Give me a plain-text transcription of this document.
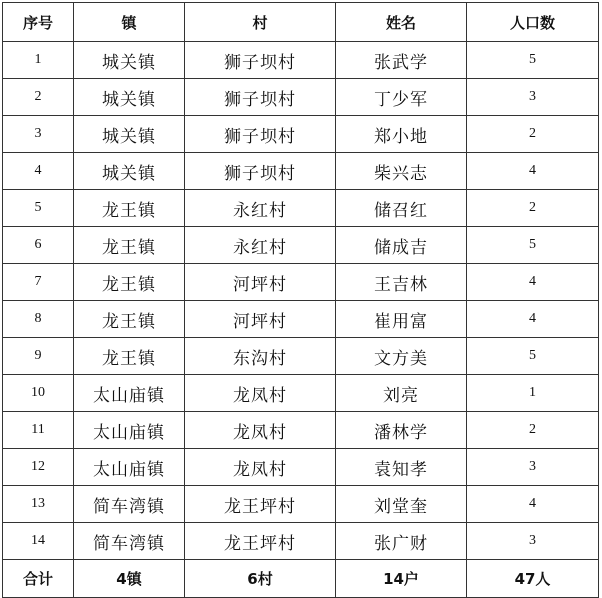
序号	镇	村	姓名	人口数
1	城关镇	狮子坝村	张武学	5
2	城关镇	狮子坝村	丁少军	3
3	城关镇	狮子坝村	郑小地	2
4	城关镇	狮子坝村	柴兴志	4
5	龙王镇	永红村	储召红	2
6	龙王镇	永红村	储成吉	5
7	龙王镇	河坪村	王吉林	4
8	龙王镇	河坪村	崔用富	4
9	龙王镇	东沟村	文方美	5
10	太山庙镇	龙凤村	刘亮	1
11	太山庙镇	龙凤村	潘林学	2
12	太山庙镇	龙凤村	袁知孝	3
13	简车湾镇	龙王坪村	刘堂奎	4
14	简车湾镇	龙王坪村	张广财	3
合计	4镇	6村	14户	47人
